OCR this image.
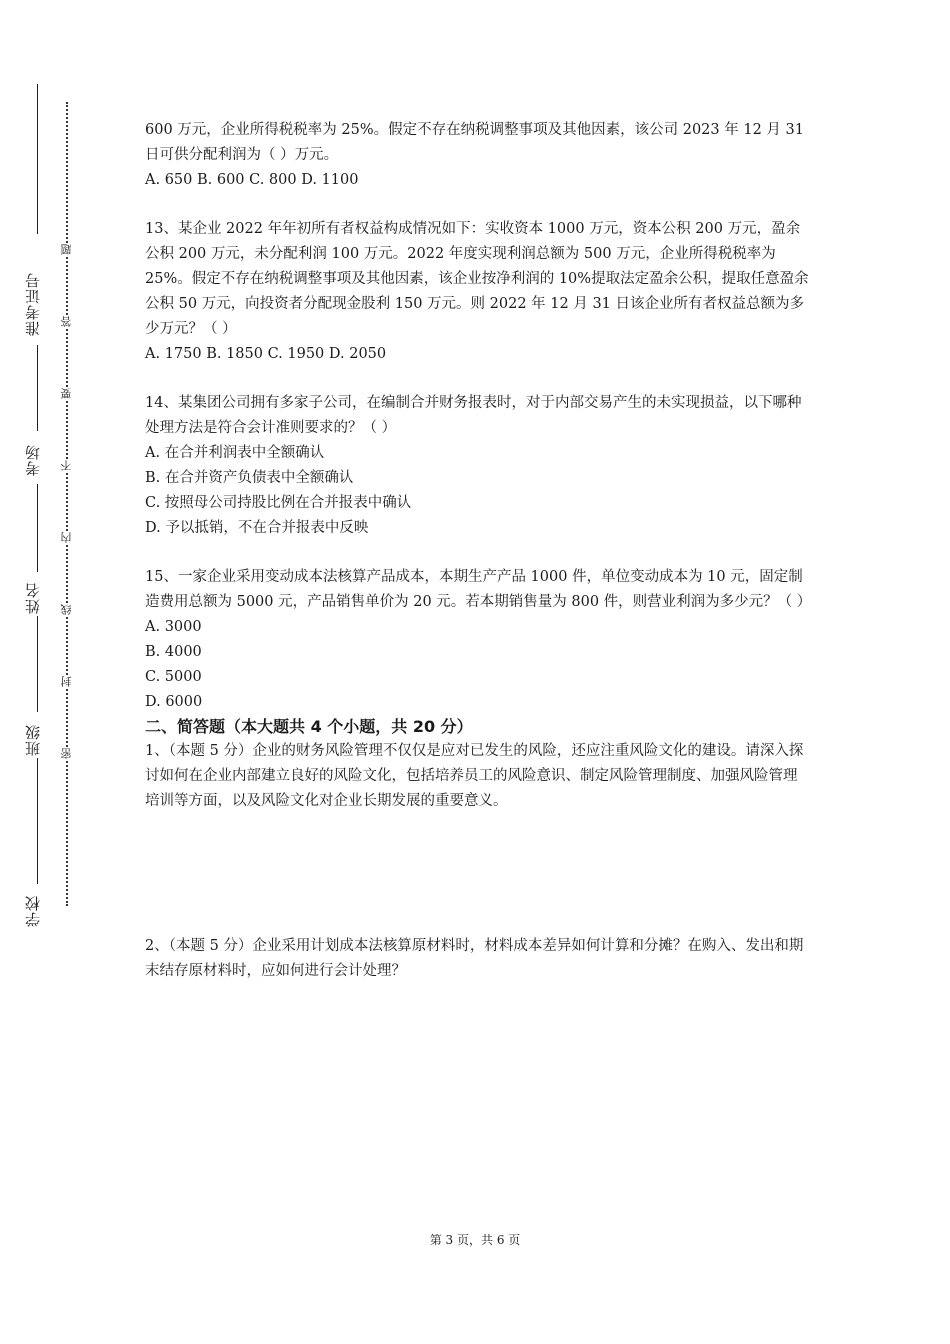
准考证号
考场
姓名
班级
学校
题
答
要
不
内
线
封
密

600 万元，企业所得税税率为 25%。假定不存在纳税调整事项及其他因素，该公司 2023 年 12 月 31 日可供分配利润为（ ）万元。

A. 650 B. 600 C. 800 D. 1100

13、某企业 2022 年年初所有者权益构成情况如下：实收资本 1000 万元，资本公积 200 万元，盈余公积 200 万元，未分配利润 100 万元。2022 年度实现利润总额为 500 万元，企业所得税税率为 25%。假定不存在纳税调整事项及其他因素，该企业按净利润的 10%提取法定盈余公积，提取任意盈余公积 50 万元，向投资者分配现金股利 150 万元。则 2022 年 12 月 31 日该企业所有者权益总额为多少万元？（ ）

A. 1750 B. 1850 C. 1950 D. 2050

14、某集团公司拥有多家子公司，在编制合并财务报表时，对于内部交易产生的未实现损益，以下哪种处理方法是符合会计准则要求的？（ ）

A. 在合并利润表中全额确认

B. 在合并资产负债表中全额确认

C. 按照母公司持股比例在合并报表中确认

D. 予以抵销，不在合并报表中反映

15、一家企业采用变动成本法核算产品成本，本期生产产品 1000 件，单位变动成本为 10 元，固定制造费用总额为 5000 元，产品销售单价为 20 元。若本期销售量为 800 件，则营业利润为多少元？（ ）

A. 3000

B. 4000

C. 5000

D. 6000

二、简答题（本大题共 4 个小题，共 20 分）

1、（本题 5 分）企业的财务风险管理不仅仅是应对已发生的风险，还应注重风险文化的建设。请深入探讨如何在企业内部建立良好的风险文化，包括培养员工的风险意识、制定风险管理制度、加强风险管理培训等方面，以及风险文化对企业长期发展的重要意义。

2、（本题 5 分）企业采用计划成本法核算原材料时，材料成本差异如何计算和分摊？在购入、发出和期末结存原材料时，应如何进行会计处理？

第 3 页，共 6 页
